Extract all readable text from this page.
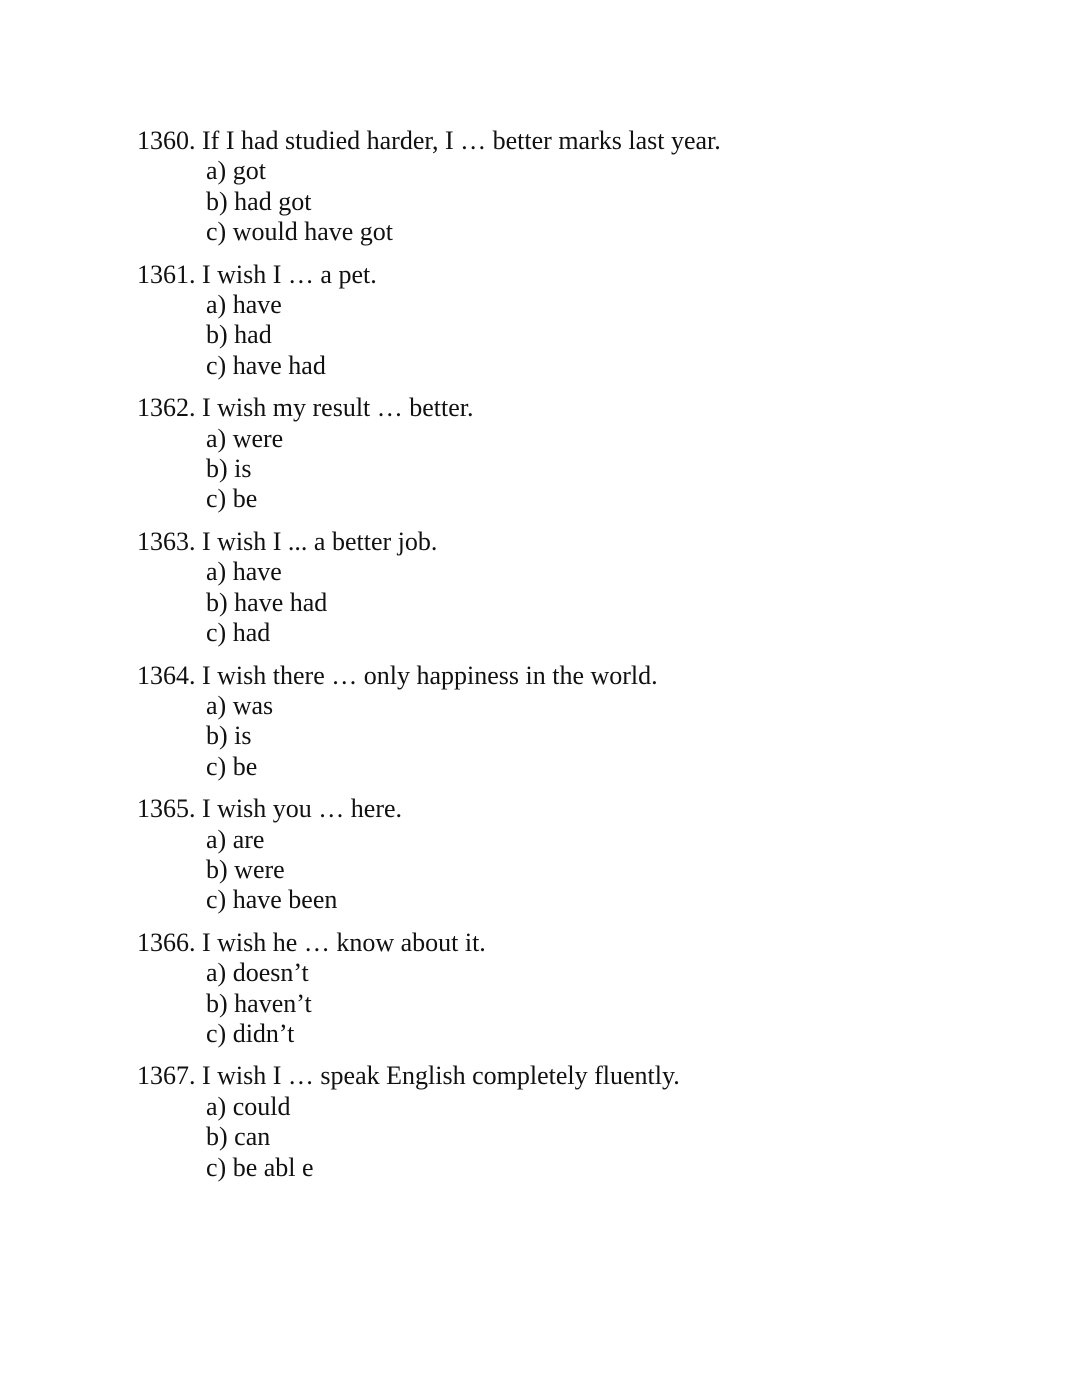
1360. If I had studied harder, I … better marks last year.
a) got
b) had got
c) would have got
1361. I wish I … a pet.
a) have
b) had
c) have had
1362. I wish my result … better.
a) were
b) is
c) be
1363. I wish I ... a better job.
a) have
b) have had
c) had
1364. I wish there … only happiness in the world.
a) was
b) is
c) be
1365. I wish you … here.
a) are
b) were
c) have been
1366. I wish he … know about it.
a) doesn’t
b) haven’t
c) didn’t
1367. I wish I … speak English completely fluently.
a) could
b) can
c) be abl e
